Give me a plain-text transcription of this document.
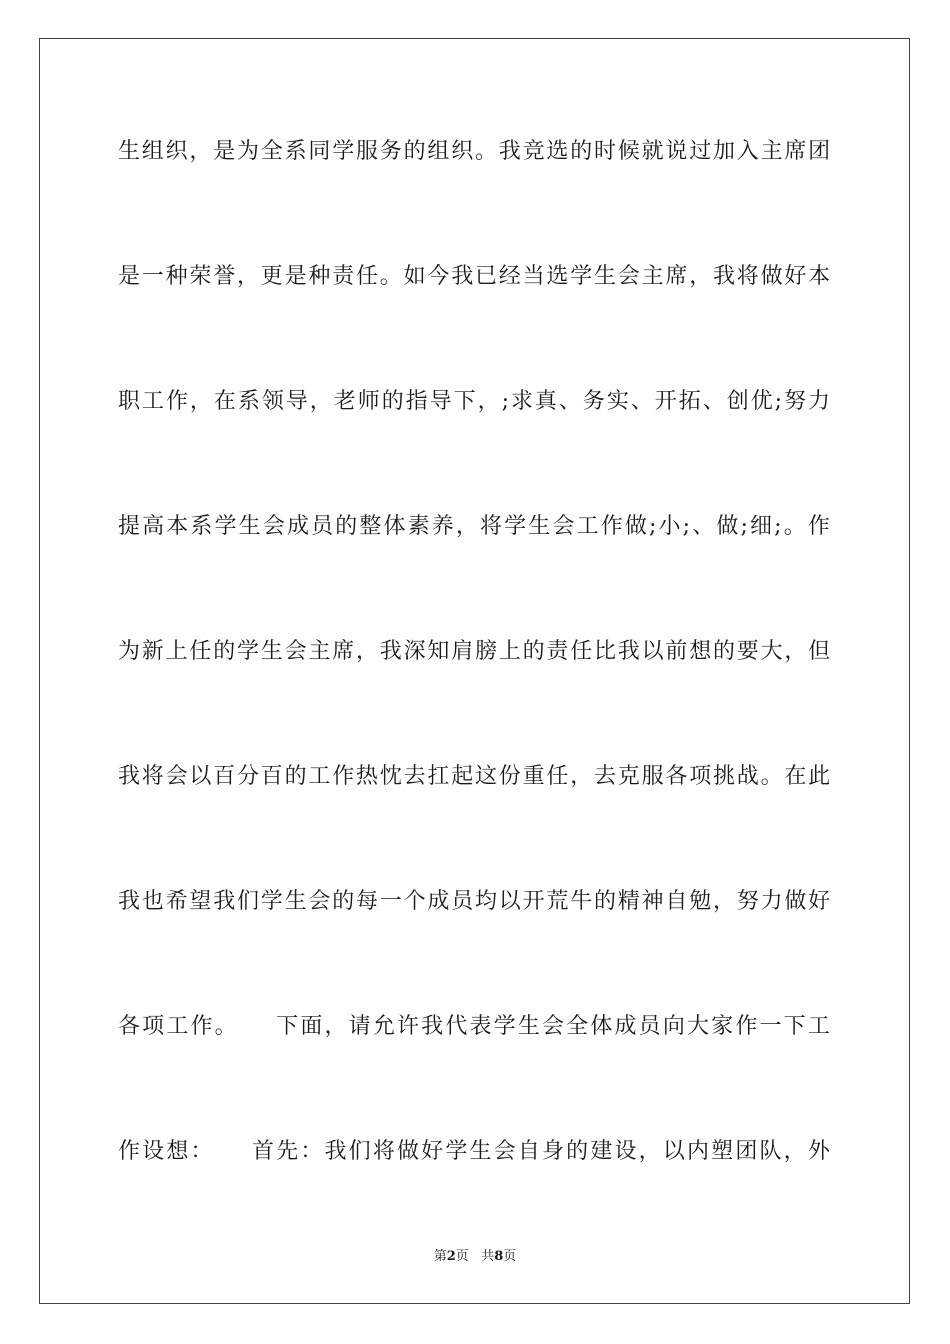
生组织，是为全系同学服务的组织。我竞选的时候就说过加入主席团
是一种荣誉，更是种责任。如今我已经当选学生会主席，我将做好本
职工作，在系领导，老师的指导下，;求真、务实、开拓、创优;努力
提高本系学生会成员的整体素养，将学生会工作做;小;、做;细;。作
为新上任的学生会主席，我深知肩膀上的责任比我以前想的要大，但
我将会以百分百的工作热忱去扛起这份重任，去克服各项挑战。在此
我也希望我们学生会的每一个成员均以开荒牛的精神自勉，努力做好
各项工作。　　下面，请允许我代表学生会全体成员向大家作一下工
作设想：　　首先：我们将做好学生会自身的建设，以内塑团队，外
第2页 共8页
